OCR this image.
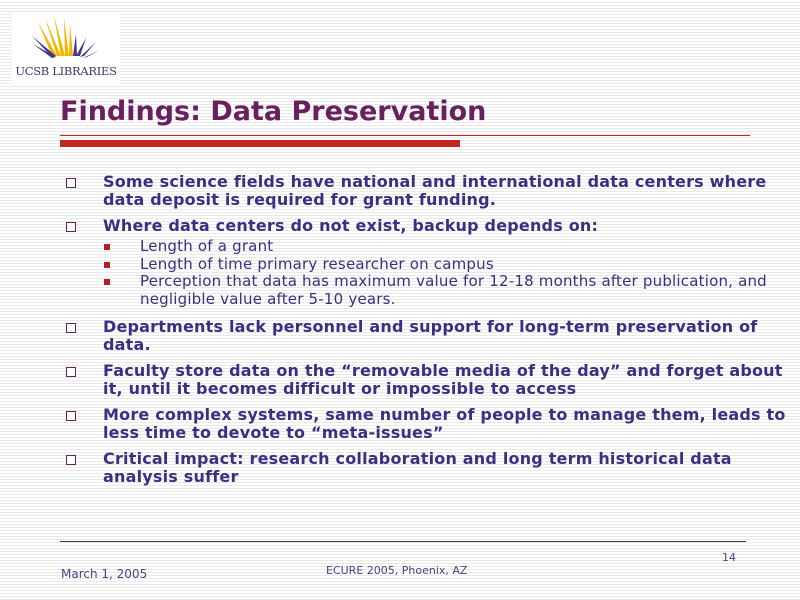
UCSB LIBRARIES
Findings: Data Preservation
Some science fields have national and international data centers where data deposit is required for grant funding.
Where data centers do not exist, backup depends on:
Length of a grant
Length of time primary researcher on campus
Perception that data has maximum value for 12-18 months after publication, and negligible value after 5-10 years.
Departments lack personnel and support for long-term preservation of data.
Faculty store data on the “removable media of the day” and forget about it, until it becomes difficult or impossible to access
More complex systems, same number of people to manage them, leads to less time to devote to “meta-issues”
Critical impact: research collaboration and long term historical data analysis suffer
March 1, 2005	ECURE 2005, Phoenix, AZ
14
